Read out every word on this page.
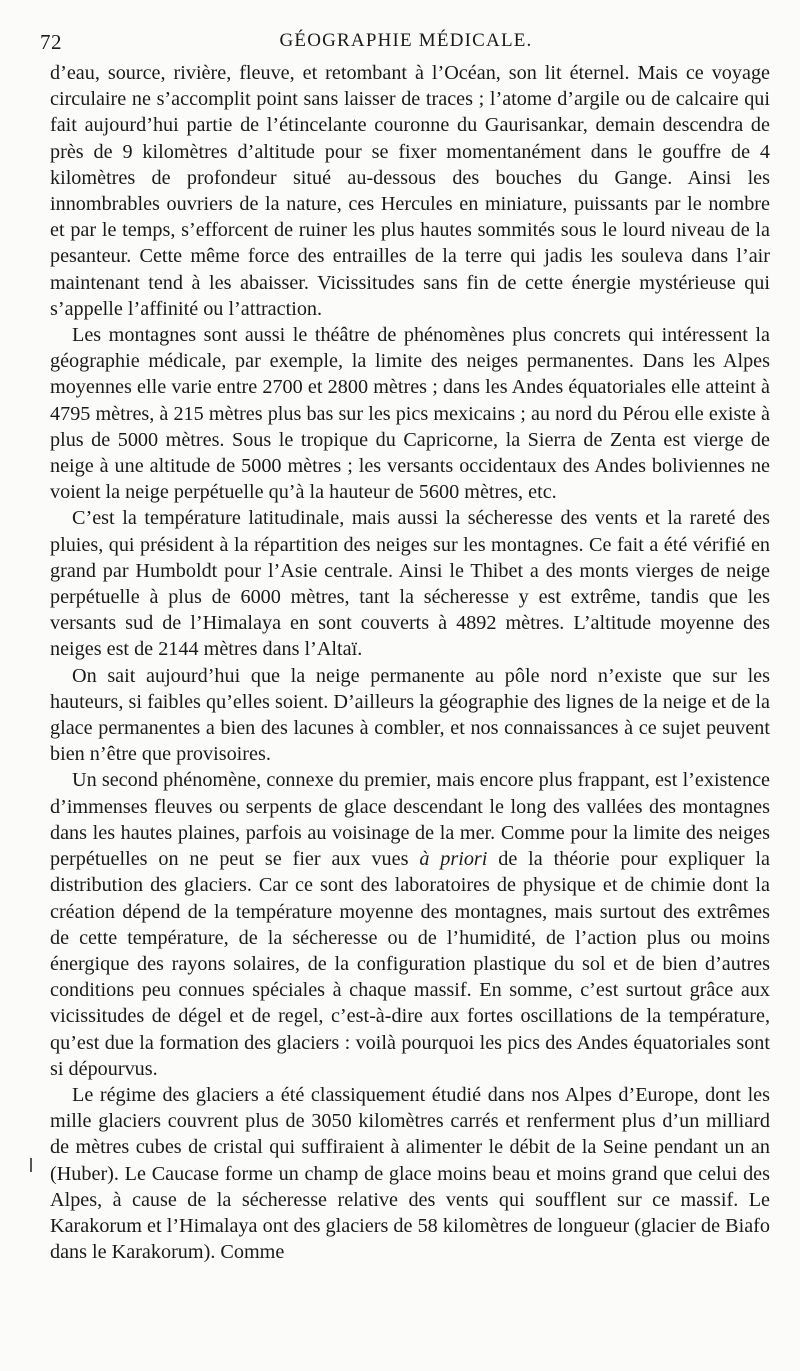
72	GÉOGRAPHIE MÉDICALE.

d’eau, source, rivière, fleuve, et retombant à l’Océan, son lit éternel. Mais ce voyage circulaire ne s’accomplit point sans laisser de traces ; l’atome d’argile ou de calcaire qui fait aujourd’hui partie de l’étincelante couronne du Gaurisankar, demain descendra de près de 9 kilomètres d’altitude pour se fixer momentanément dans le gouffre de 4 kilomètres de profondeur situé au-dessous des bouches du Gange. Ainsi les innombrables ouvriers de la nature, ces Hercules en miniature, puissants par le nombre et par le temps, s’efforcent de ruiner les plus hautes sommités sous le lourd niveau de la pesanteur. Cette même force des entrailles de la terre qui jadis les souleva dans l’air maintenant tend à les abaisser. Vicissitudes sans fin de cette énergie mystérieuse qui s’appelle l’affinité ou l’attraction.

Les montagnes sont aussi le théâtre de phénomènes plus concrets qui intéressent la géographie médicale, par exemple, la limite des neiges permanentes. Dans les Alpes moyennes elle varie entre 2700 et 2800 mètres ; dans les Andes équatoriales elle atteint à 4795 mètres, à 215 mètres plus bas sur les pics mexicains ; au nord du Pérou elle existe à plus de 5000 mètres. Sous le tropique du Capricorne, la Sierra de Zenta est vierge de neige à une altitude de 5000 mètres ; les versants occidentaux des Andes boliviennes ne voient la neige perpétuelle qu’à la hauteur de 5600 mètres, etc.

C’est la température latitudinale, mais aussi la sécheresse des vents et la rareté des pluies, qui président à la répartition des neiges sur les montagnes. Ce fait a été vérifié en grand par Humboldt pour l’Asie centrale. Ainsi le Thibet a des monts vierges de neige perpétuelle à plus de 6000 mètres, tant la sécheresse y est extrême, tandis que les versants sud de l’Himalaya en sont couverts à 4892 mètres. L’altitude moyenne des neiges est de 2144 mètres dans l’Altaï.

On sait aujourd’hui que la neige permanente au pôle nord n’existe que sur les hauteurs, si faibles qu’elles soient. D’ailleurs la géographie des lignes de la neige et de la glace permanentes a bien des lacunes à combler, et nos connaissances à ce sujet peuvent bien n’être que provisoires.

Un second phénomène, connexe du premier, mais encore plus frappant, est l’existence d’immenses fleuves ou serpents de glace descendant le long des vallées des montagnes dans les hautes plaines, parfois au voisinage de la mer. Comme pour la limite des neiges perpétuelles on ne peut se fier aux vues à priori de la théorie pour expliquer la distribution des glaciers. Car ce sont des laboratoires de physique et de chimie dont la création dépend de la température moyenne des montagnes, mais surtout des extrêmes de cette température, de la sécheresse ou de l’humidité, de l’action plus ou moins énergique des rayons solaires, de la configuration plastique du sol et de bien d’autres conditions peu connues spéciales à chaque massif. En somme, c’est surtout grâce aux vicissitudes de dégel et de regel, c’est-à-dire aux fortes oscillations de la température, qu’est due la formation des glaciers : voilà pourquoi les pics des Andes équatoriales sont si dépourvus.

Le régime des glaciers a été classiquement étudié dans nos Alpes d’Europe, dont les mille glaciers couvrent plus de 3050 kilomètres carrés et renferment plus d’un milliard de mètres cubes de cristal qui suffiraient à alimenter le débit de la Seine pendant un an (Huber). Le Caucase forme un champ de glace moins beau et moins grand que celui des Alpes, à cause de la sécheresse relative des vents qui soufflent sur ce massif. Le Karakorum et l’Himalaya ont des glaciers de 58 kilomètres de longueur (glacier de Biafo dans le Karakorum). Comme
